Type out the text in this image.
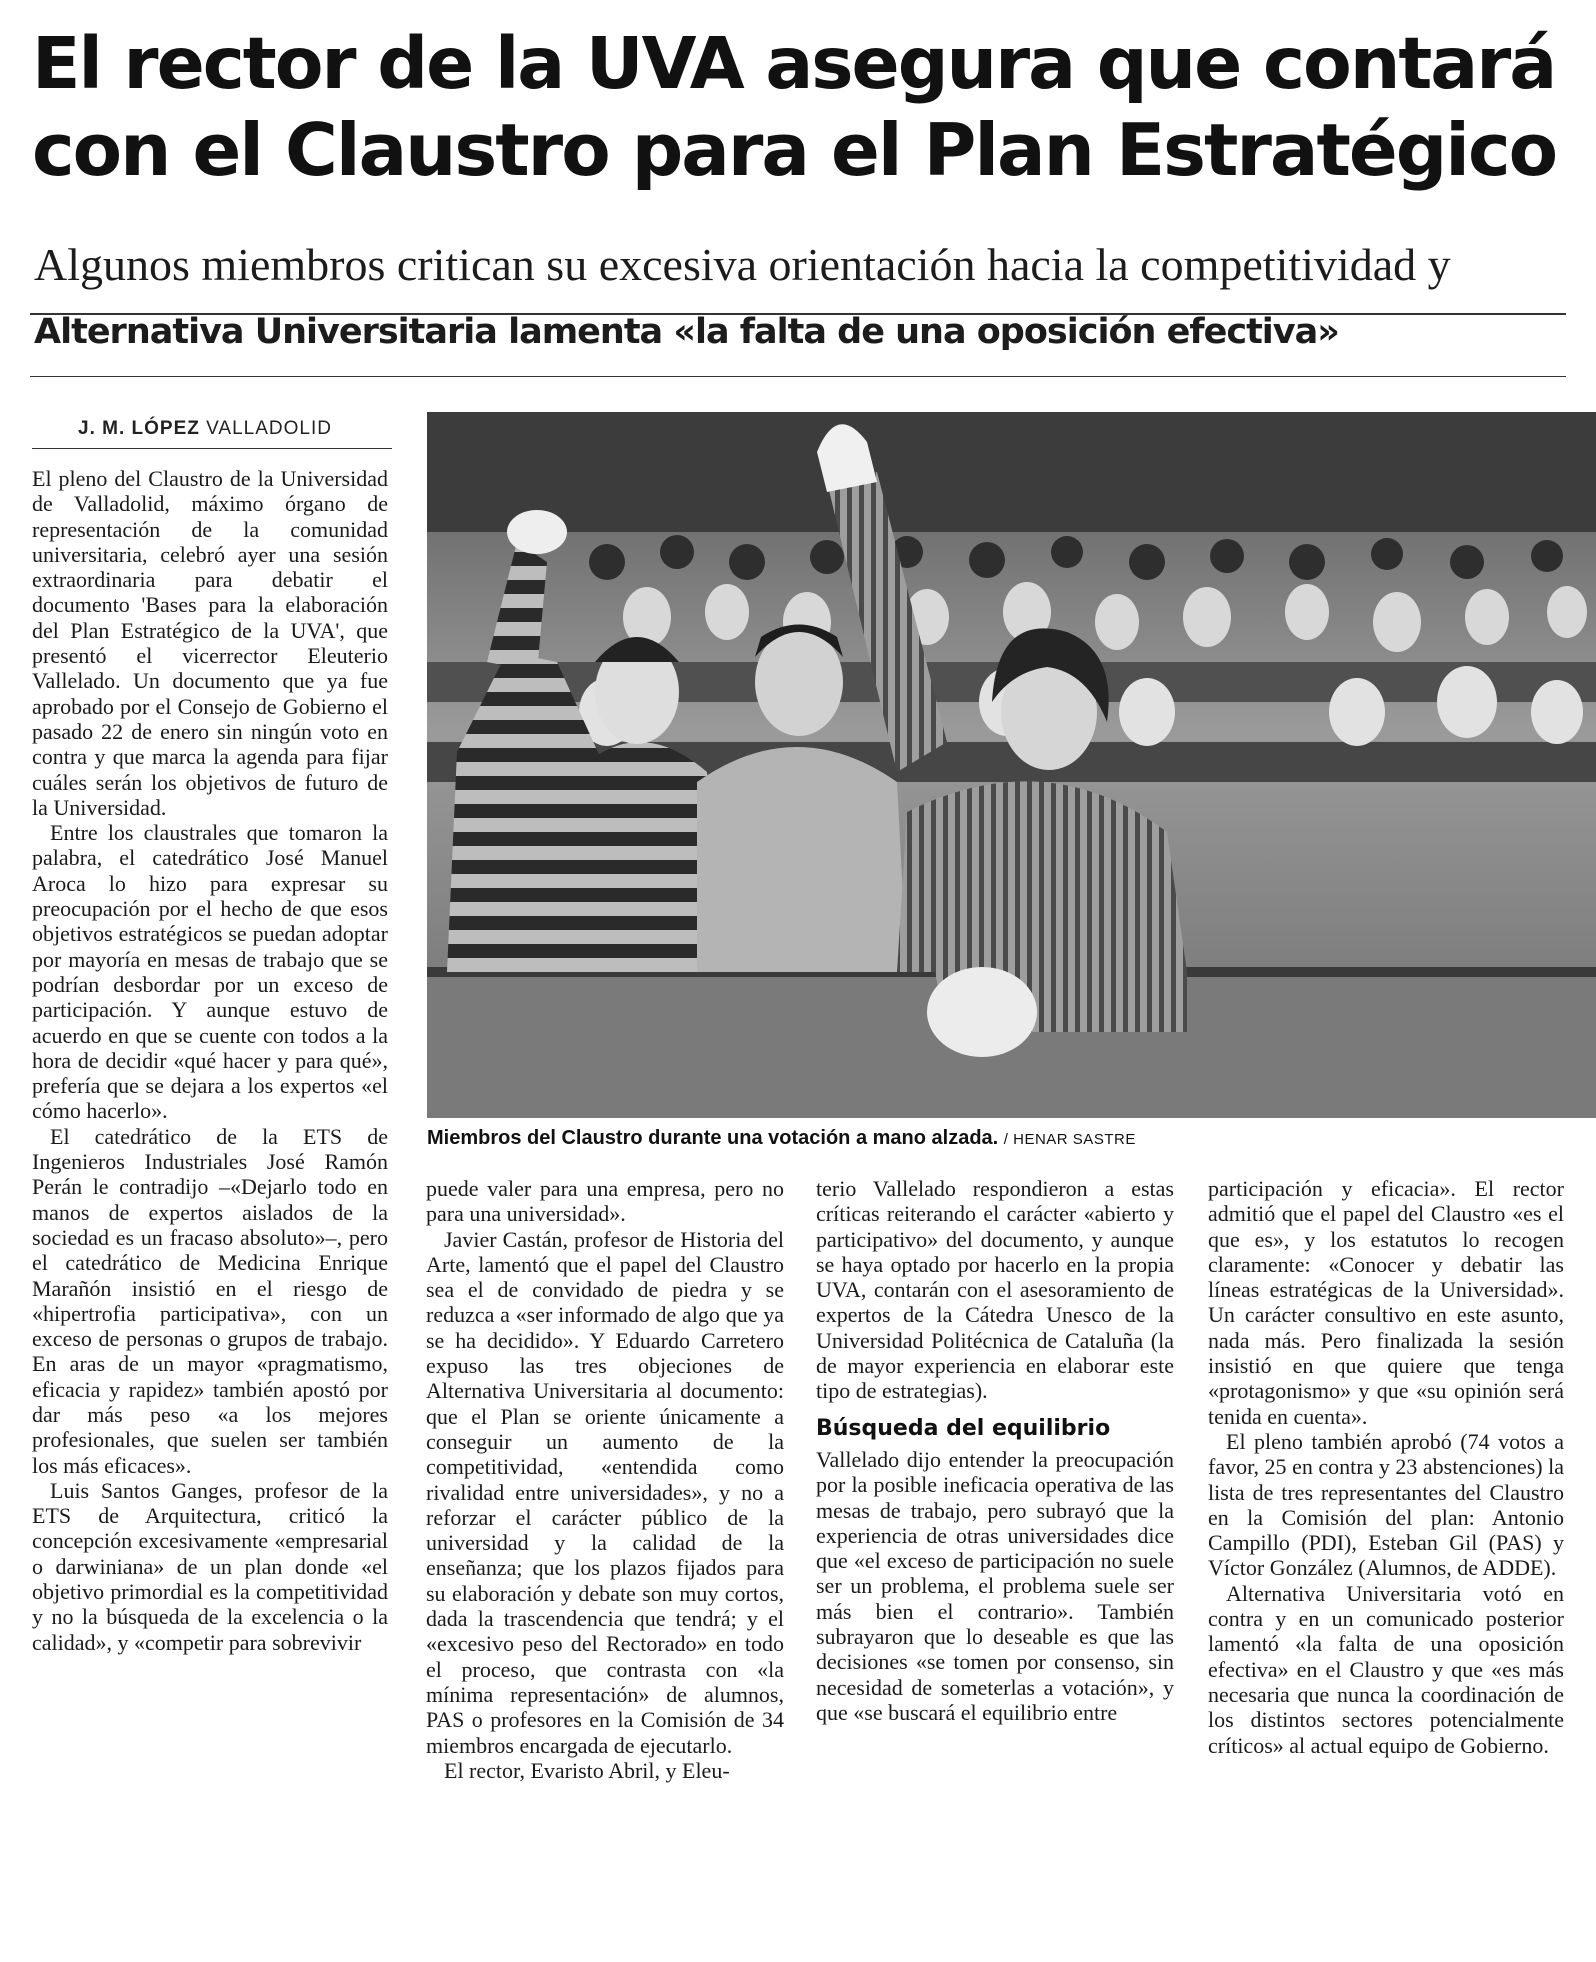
El rector de la UVA asegura que contará
con el Claustro para el Plan Estratégico
Algunos miembros critican su excesiva orientación hacia la competitividad y
Alternativa Universitaria lamenta «la falta de una oposición efectiva»
J. M. LÓPEZ VALLADOLID
Miembros del Claustro durante una votación a mano alzada. / HENAR SASTRE

El pleno del Claustro de la Universidad de Valladolid, máximo órgano de representación de la comunidad universitaria, celebró ayer una sesión extraordinaria para debatir el documento 'Bases para la elaboración del Plan Estratégico de la UVA', que presentó el vicerrector Eleuterio Vallelado. Un documento que ya fue aprobado por el Consejo de Gobierno el pasado 22 de enero sin ningún voto en contra y que marca la agenda para fijar cuáles serán los objetivos de futuro de la Universidad.

Entre los claustrales que tomaron la palabra, el catedrático José Manuel Aroca lo hizo para expresar su preocupación por el hecho de que esos objetivos estratégicos se puedan adoptar por mayoría en mesas de trabajo que se podrían desbordar por un exceso de participación. Y aunque estuvo de acuerdo en que se cuente con todos a la hora de decidir «qué hacer y para qué», prefería que se dejara a los expertos «el cómo hacerlo».

El catedrático de la ETS de Ingenieros Industriales José Ramón Perán le contradijo –«Dejarlo todo en manos de expertos aislados de la sociedad es un fracaso absoluto»–, pero el catedrático de Medicina Enrique Marañón insistió en el riesgo de «hipertrofia participativa», con un exceso de personas o grupos de trabajo. En aras de un mayor «pragmatismo, eficacia y rapidez» también apostó por dar más peso «a los mejores profesionales, que suelen ser también los más eficaces».

Luis Santos Ganges, profesor de la ETS de Arquitectura, criticó la concepción excesivamente «empresarial o darwiniana» de un plan donde «el objetivo primordial es la competitividad y no la búsqueda de la excelencia o la calidad», y «competir para sobrevivir

puede valer para una empresa, pero no para una universidad».

Javier Castán, profesor de Historia del Arte, lamentó que el papel del Claustro sea el de convidado de piedra y se reduzca a «ser informado de algo que ya se ha decidido». Y Eduardo Carretero expuso las tres objeciones de Alternativa Universitaria al documento: que el Plan se oriente únicamente a conseguir un aumento de la competitividad, «entendida como rivalidad entre universidades», y no a reforzar el carácter público de la universidad y la calidad de la enseñanza; que los plazos fijados para su elaboración y debate son muy cortos, dada la trascendencia que tendrá; y el «excesivo peso del Rectorado» en todo el proceso, que contrasta con «la mínima representación» de alumnos, PAS o profesores en la Comisión de 34 miembros encargada de ejecutarlo.

El rector, Evaristo Abril, y Eleu-

terio Vallelado respondieron a estas críticas reiterando el carácter «abierto y participativo» del documento, y aunque se haya optado por hacerlo en la propia UVA, contarán con el asesoramiento de expertos de la Cátedra Unesco de la Universidad Politécnica de Cataluña (la de mayor experiencia en elaborar este tipo de estrategias).

Búsqueda del equilibrio

Vallelado dijo entender la preocupación por la posible ineficacia operativa de las mesas de trabajo, pero subrayó que la experiencia de otras universidades dice que «el exceso de participación no suele ser un problema, el problema suele ser más bien el contrario». También subrayaron que lo deseable es que las decisiones «se tomen por consenso, sin necesidad de someterlas a votación», y que «se buscará el equilibrio entre

participación y eficacia». El rector admitió que el papel del Claustro «es el que es», y los estatutos lo recogen claramente: «Conocer y debatir las líneas estratégicas de la Universidad». Un carácter consultivo en este asunto, nada más. Pero finalizada la sesión insistió en que quiere que tenga «protagonismo» y que «su opinión será tenida en cuenta».

El pleno también aprobó (74 votos a favor, 25 en contra y 23 abstenciones) la lista de tres representantes del Claustro en la Comisión del plan: Antonio Campillo (PDI), Esteban Gil (PAS) y Víctor González (Alumnos, de ADDE).

Alternativa Universitaria votó en contra y en un comunicado posterior lamentó «la falta de una oposición efectiva» en el Claustro y que «es más necesaria que nunca la coordinación de los distintos sectores potencialmente críticos» al actual equipo de Gobierno.
